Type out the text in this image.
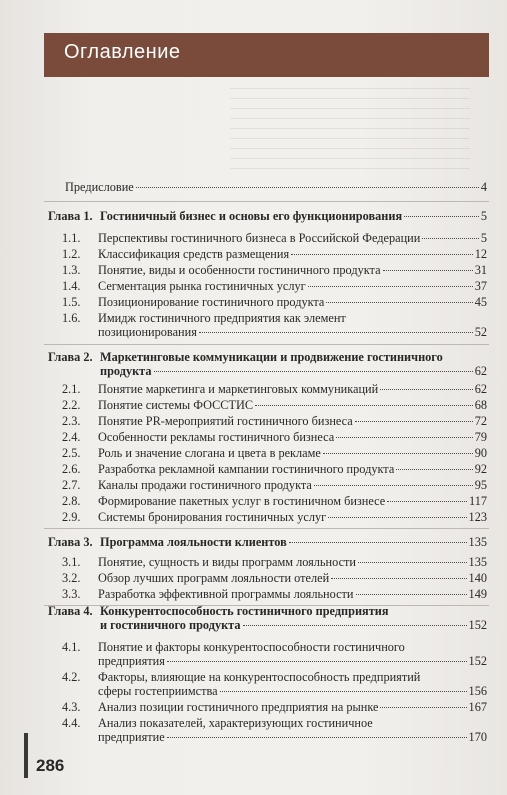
Оглавление
Предисловие	4
Глава 1. Гостиничный бизнес и основы его функционирования	5
1.1.	Перспективы гостиничного бизнеса в Российской Федерации	5
1.2.	Классификация средств размещения	12
1.3.	Понятие, виды и особенности гостиничного продукта	31
1.4.	Сегментация рынка гостиничных услуг	37
1.5.	Позиционирование гостиничного продукта	45
1.6. Имидж гостиничного предприятия как элемент
позиционирования	52
Глава 2. Маркетинговые коммуникации и продвижение гостиничного
продукта	62
2.1.	Понятие маркетинга и маркетинговых коммуникаций	62
2.2.	Понятие системы ФОССТИС	68
2.3.	Понятие PR-мероприятий гостиничного бизнеса	72
2.4.	Особенности рекламы гостиничного бизнеса	79
2.5.	Роль и значение слогана и цвета в рекламе	90
2.6.	Разработка рекламной кампании гостиничного продукта	92
2.7.	Каналы продажи гостиничного продукта	95
2.8.	Формирование пакетных услуг в гостиничном бизнесе	117
2.9.	Системы бронирования гостиничных услуг	123
Глава 3. Программа лояльности клиентов	135
3.1.	Понятие, сущность и виды программ лояльности	135
3.2.	Обзор лучших программ лояльности отелей	140
3.3.	Разработка эффективной программы лояльности	149
Глава 4. Конкурентоспособность гостиничного предприятия
и гостиничного продукта	152
4.1. Понятие и факторы конкурентоспособности гостиничного
предприятия	152
4.2. Факторы, влияющие на конкурентоспособность предприятий
сферы гостеприимства	156
4.3.	Анализ позиции гостиничного предприятия на рынке	167
4.4. Анализ показателей, характеризующих гостиничное
предприятие	170
286
